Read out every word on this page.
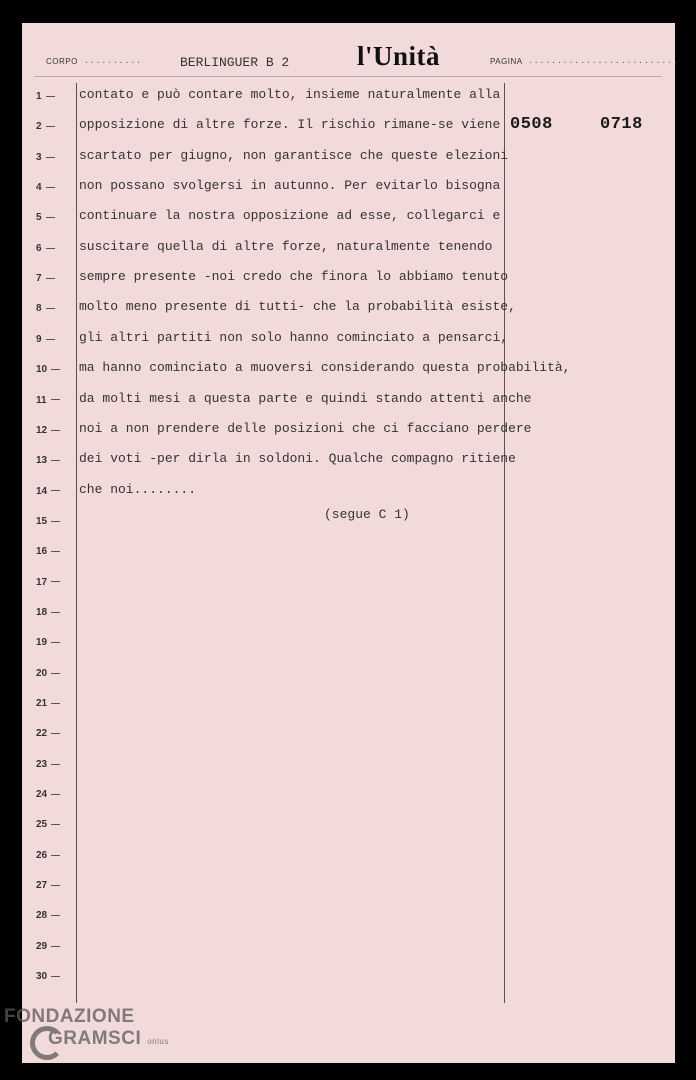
CORPO ..........	BERLINGUER B 2	l'Unità	PAGINA ..........................
1
2
3
4
5
6
7
8
9
10
11
12
13
14
15
16
17
18
19
20
21
22
23
24
25
26
27
28
29
30
contato e può contare molto, insieme naturalmente alla
opposizione di altre forze. Il rischio rimane-se viene
scartato per giugno, non garantisce che queste elezioni
non possano svolgersi in autunno. Per evitarlo bisogna
continuare la nostra opposizione ad esse, collegarci e
suscitare quella di altre forze, naturalmente tenendo
sempre presente -noi credo che finora lo abbiamo tenuto
molto meno presente di tutti- che la probabilità esiste,
gli altri partiti non solo hanno cominciato a pensarci,
ma hanno cominciato a muoversi considerando questa probabilità,
da molti mesi a questa parte e quindi stando attenti anche
noi a non prendere delle posizioni che ci facciano perdere
dei voti -per dirla in soldoni. Qualche compagno ritiene
che noi........
0508	0718
(segue C 1)
FONDAZIONE
GRAMSCI onlus
